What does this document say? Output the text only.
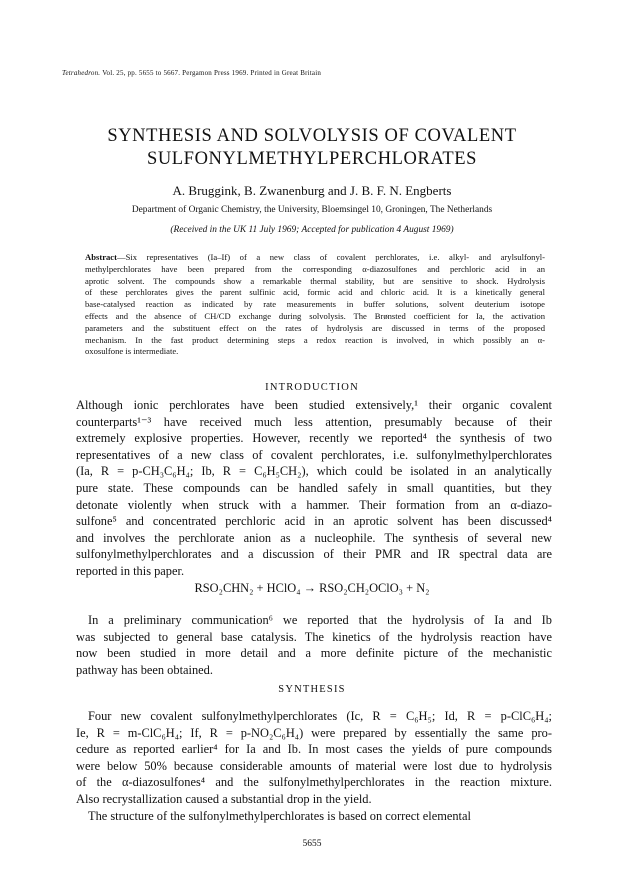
Tetrahedron. Vol. 25, pp. 5655 to 5667. Pergamon Press 1969. Printed in Great Britain
SYNTHESIS AND SOLVOLYSIS OF COVALENT
SULFONYLMETHYLPERCHLORATES
A. Bruggink, B. Zwanenburg and J. B. F. N. Engberts
Department of Organic Chemistry, the University, Bloemsingel 10, Groningen, The Netherlands
(Received in the UK 11 July 1969; Accepted for publication 4 August 1969)
Abstract—Six representatives (Ia–If) of a new class of covalent perchlorates, i.e. alkyl- and arylsulfonyl-
methylperchlorates have been prepared from the corresponding α-diazosulfones and perchloric acid in an
aprotic solvent. The compounds show a remarkable thermal stability, but are sensitive to shock. Hydrolysis
of these perchlorates gives the parent sulfinic acid, formic acid and chloric acid. It is a kinetically general
base-catalysed reaction as indicated by rate measurements in buffer solutions, solvent deuterium isotope
effects and the absence of CH/CD exchange during solvolysis. The Brønsted coefficient for Ia, the activation
parameters and the substituent effect on the rates of hydrolysis are discussed in terms of the proposed
mechanism. In the fast product determining steps a redox reaction is involved, in which possibly an α-
oxosulfone is intermediate.
INTRODUCTION
Although ionic perchlorates have been studied extensively,¹ their organic covalent
counterparts¹⁻³ have received much less attention, presumably because of their
extremely explosive properties. However, recently we reported⁴ the synthesis of two
representatives of a new class of covalent perchlorates, i.e. sulfonylmethylperchlorates
(Ia, R = p-CH₃C₆H₄; Ib, R = C₆H₅CH₂), which could be isolated in an analytically
pure state. These compounds can be handled safely in small quantities, but they
detonate violently when struck with a hammer. Their formation from an α-diazo-
sulfone⁵ and concentrated perchloric acid in an aprotic solvent has been discussed⁴
and involves the perchlorate anion as a nucleophile. The synthesis of several new
sulfonylmethylperchlorates and a discussion of their PMR and IR spectral data are
reported in this paper.
RSO₂CHN₂ + HClO₄ → RSO₂CH₂OClO₃ + N₂
In a preliminary communication⁶ we reported that the hydrolysis of Ia and Ib
was subjected to general base catalysis. The kinetics of the hydrolysis reaction have
now been studied in more detail and a more definite picture of the mechanistic
pathway has been obtained.
SYNTHESIS
Four new covalent sulfonylmethylperchlorates (Ic, R = C₆H₅; Id, R = p-ClC₆H₄;
Ie, R = m-ClC₆H₄; If, R = p-NO₂C₆H₄) were prepared by essentially the same pro-
cedure as reported earlier⁴ for Ia and Ib. In most cases the yields of pure compounds
were below 50% because considerable amounts of material were lost due to hydrolysis
of the α-diazosulfones⁴ and the sulfonylmethylperchlorates in the reaction mixture.
Also recrystallization caused a substantial drop in the yield.
The structure of the sulfonylmethylperchlorates is based on correct elemental
5655
